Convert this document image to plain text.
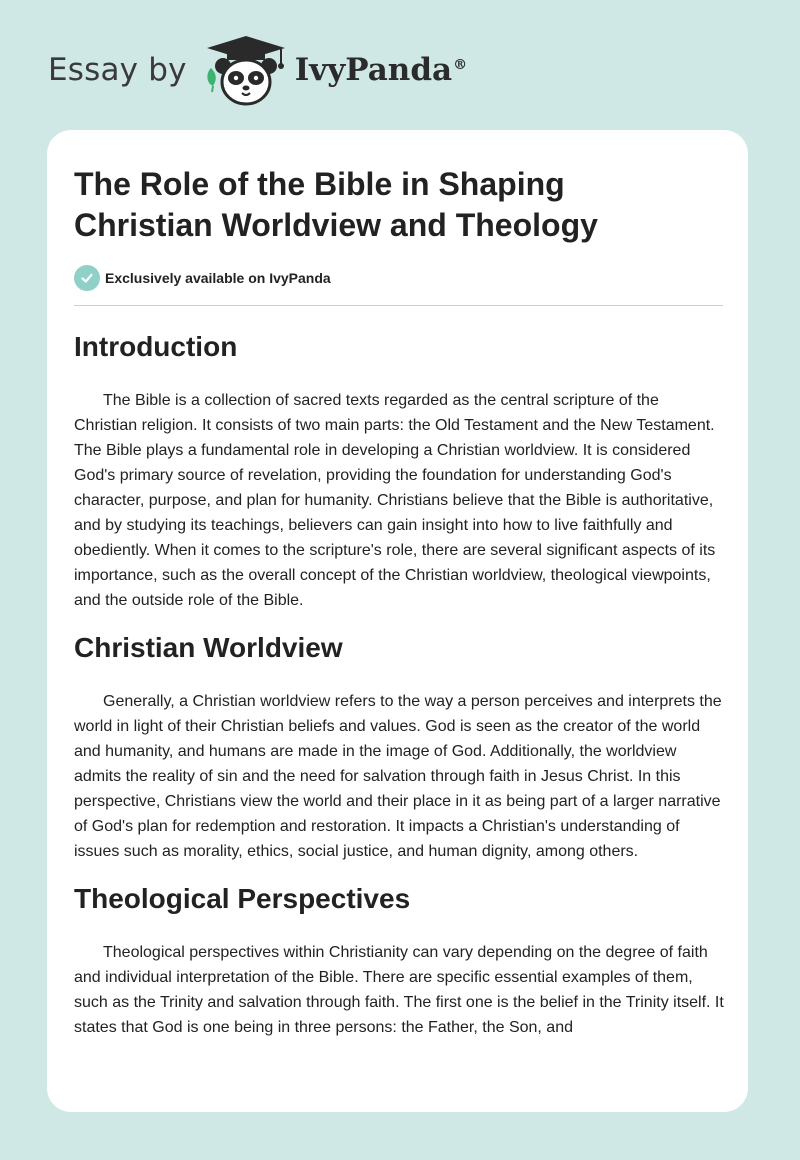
Essay by	IvyPanda®
The Role of the Bible in Shaping Christian Worldview and Theology
Exclusively available on IvyPanda
Introduction

The Bible is a collection of sacred texts regarded as the central scripture of the Christian religion. It consists of two main parts: the Old Testament and the New Testament. The Bible plays a fundamental role in developing a Christian worldview. It is considered God's primary source of revelation, providing the foundation for understanding God's character, purpose, and plan for humanity. Christians believe that the Bible is authoritative, and by studying its teachings, believers can gain insight into how to live faithfully and obediently. When it comes to the scripture's role, there are several significant aspects of its importance, such as the overall concept of the Christian worldview, theological viewpoints, and the outside role of the Bible.

Christian Worldview

Generally, a Christian worldview refers to the way a person perceives and interprets the world in light of their Christian beliefs and values. God is seen as the creator of the world and humanity, and humans are made in the image of God. Additionally, the worldview admits the reality of sin and the need for salvation through faith in Jesus Christ. In this perspective, Christians view the world and their place in it as being part of a larger narrative of God's plan for redemption and restoration. It impacts a Christian's understanding of issues such as morality, ethics, social justice, and human dignity, among others.

Theological Perspectives

Theological perspectives within Christianity can vary depending on the degree of faith and individual interpretation of the Bible. There are specific essential examples of them, such as the Trinity and salvation through faith. The first one is the belief in the Trinity itself. It states that God is one being in three persons: the Father, the Son, and
